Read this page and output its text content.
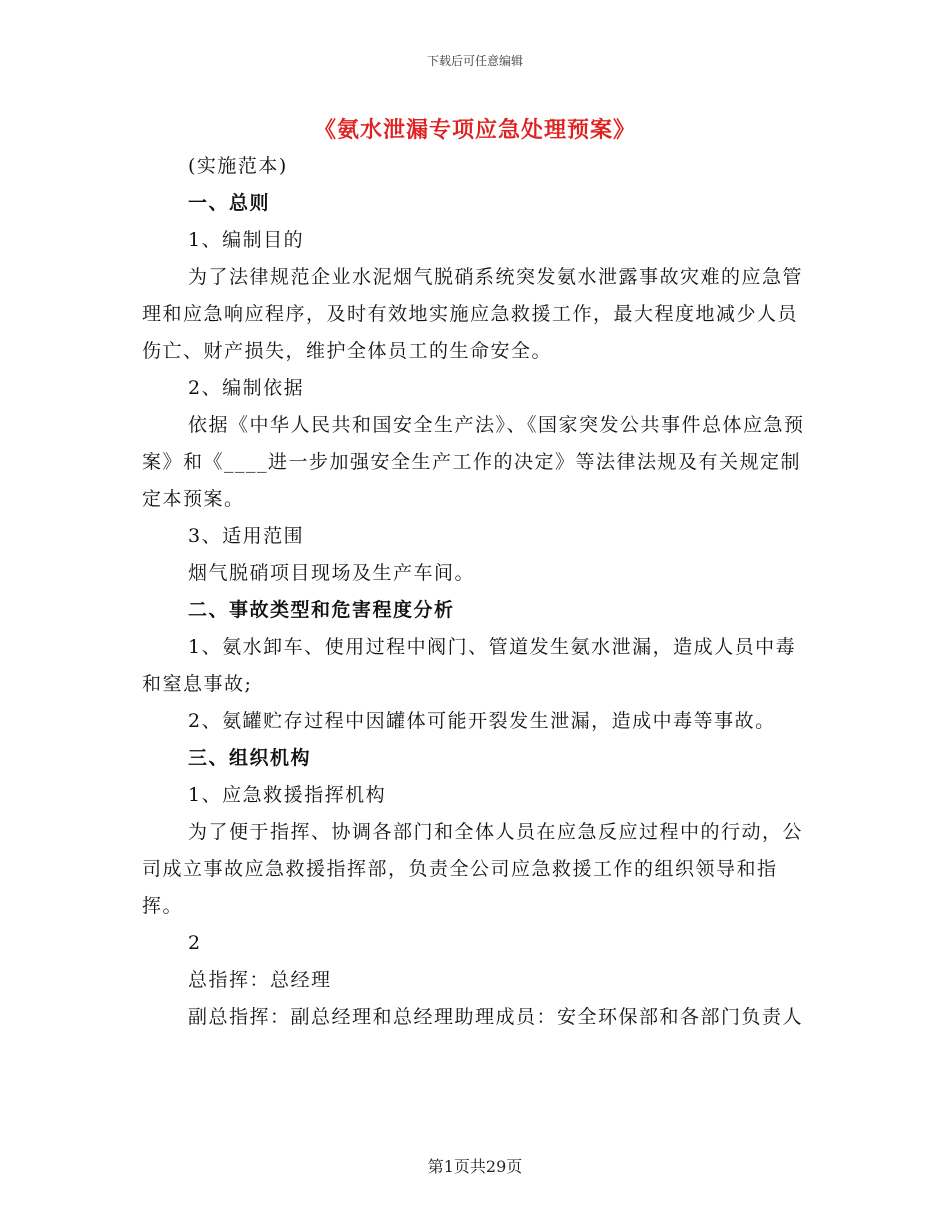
下载后可任意编辑
《氨水泄漏专项应急处理预案》

(实施范本)

一、总则

1、编制目的

为了法律规范企业水泥烟气脱硝系统突发氨水泄露事故灾难的应急管理和应急响应程序，及时有效地实施应急救援工作，最大程度地减少人员伤亡、财产损失，维护全体员工的生命安全。

2、编制依据

依据《中华人民共和国安全生产法》、《国家突发公共事件总体应急预案》和《____进一步加强安全生产工作的决定》等法律法规及有关规定制定本预案。

3、适用范围

烟气脱硝项目现场及生产车间。

二、事故类型和危害程度分析

1、氨水卸车、使用过程中阀门、管道发生氨水泄漏，造成人员中毒和窒息事故;

2、氨罐贮存过程中因罐体可能开裂发生泄漏，造成中毒等事故。

三、组织机构

1、应急救援指挥机构

为了便于指挥、协调各部门和全体人员在应急反应过程中的行动，公司成立事故应急救援指挥部，负责全公司应急救援工作的组织领导和指挥。

2

总指挥：总经理

副总指挥：副总经理和总经理助理成员：安全环保部和各部门负责人

第1页共29页
